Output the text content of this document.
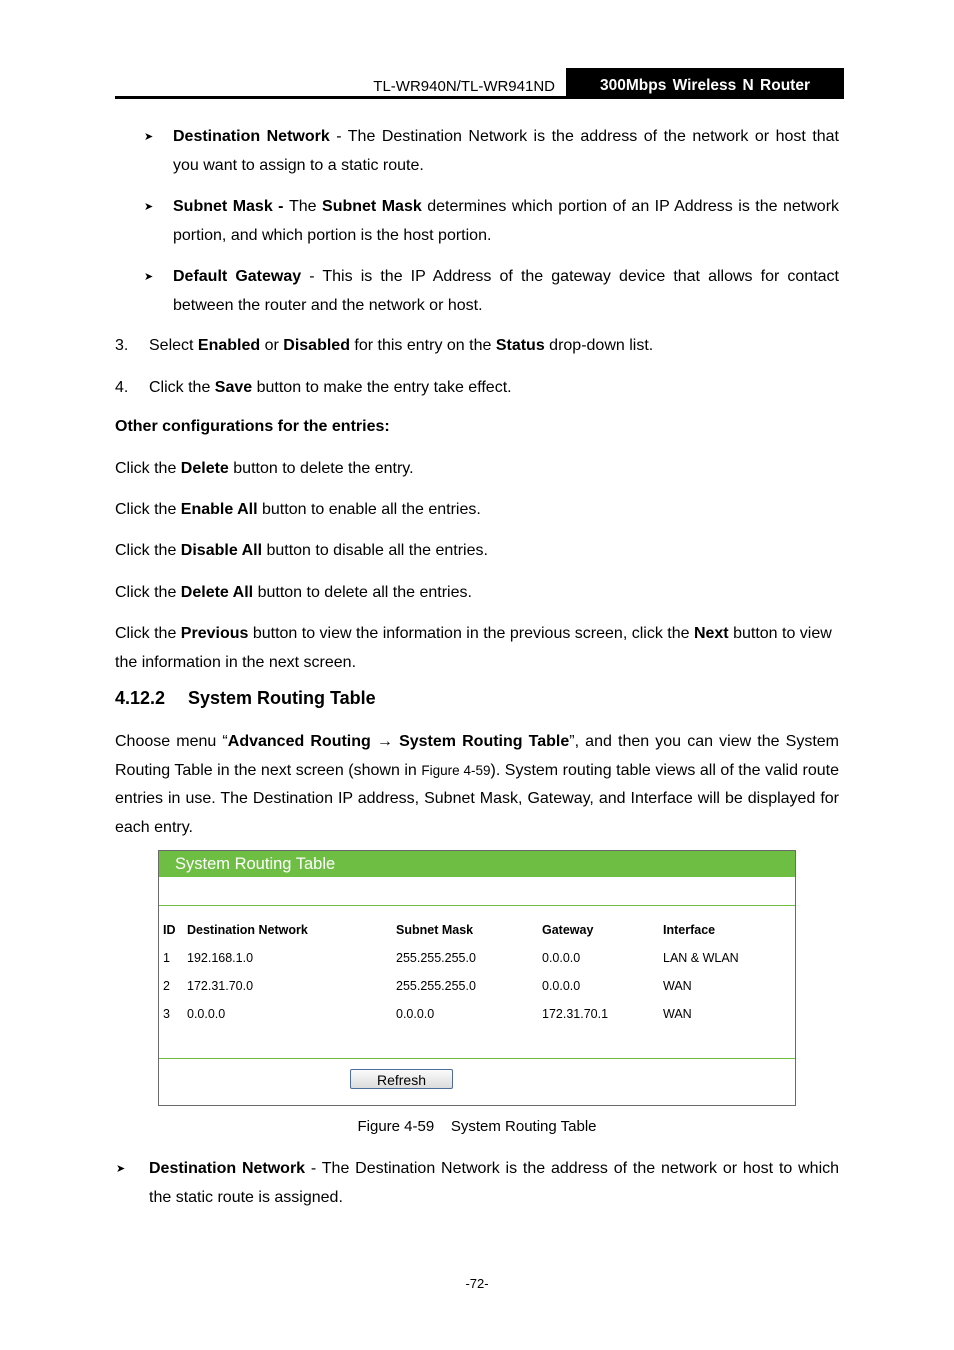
TL-WR940N/TL-WR941ND	300Mbps Wireless N Router
➤ Destination Network - The Destination Network is the address of the network or host that you want to assign to a static route.

➤ Subnet Mask - The Subnet Mask determines which portion of an IP Address is the network portion, and which portion is the host portion.

➤ Default Gateway - This is the IP Address of the gateway device that allows for contact between the router and the network or host.

3. Select Enabled or Disabled for this entry on the Status drop-down list.
4. Click the Save button to make the entry take effect.

Other configurations for the entries:

Click the Delete button to delete the entry.

Click the Enable All button to enable all the entries.

Click the Disable All button to disable all the entries.

Click the Delete All button to delete all the entries.

Click the Previous button to view the information in the previous screen, click the Next button to view the information in the next screen.

4.12.2 System Routing Table

Choose menu “Advanced Routing → System Routing Table”, and then you can view the System Routing Table in the next screen (shown in Figure 4-59). System routing table views all of the valid route entries in use. The Destination IP address, Subnet Mask, Gateway, and Interface will be displayed for each entry.

System Routing Table
ID Destination Network	Subnet Mask	Gateway	Interface
1 192.168.1.0	255.255.255.0	0.0.0.0	LAN & WLAN
2 172.31.70.0	255.255.255.0	0.0.0.0	WAN
3 0.0.0.0	0.0.0.0	172.31.70.1	WAN
Refresh
Figure 4-59    System Routing Table
➤ Destination Network - The Destination Network is the address of the network or host to which the static route is assigned.

-72-
